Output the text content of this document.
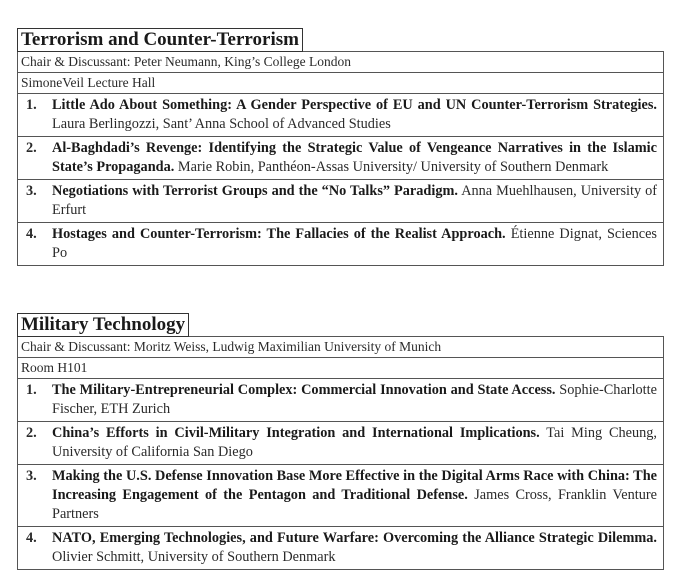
Terrorism and Counter-Terrorism
Chair & Discussant: Peter Neumann, King’s College London
SimoneVeil Lecture Hall
1. Little Ado About Something: A Gender Perspective of EU and UN Counter-Terrorism Strategies. Laura Berlingozzi, Sant’ Anna School of Advanced Studies
2. Al-Baghdadi’s Revenge: Identifying the Strategic Value of Vengeance Narratives in the Islamic State’s Propaganda. Marie Robin, Panthéon-Assas University/ University of Southern Denmark
3. Negotiations with Terrorist Groups and the “No Talks” Paradigm. Anna Muehlhausen, University of Erfurt
4. Hostages and Counter-Terrorism: The Fallacies of the Realist Approach. Étienne Dignat, Sciences Po
Military Technology
Chair & Discussant: Moritz Weiss, Ludwig Maximilian University of Munich
Room H101
1. The Military-Entrepreneurial Complex: Commercial Innovation and State Access. Sophie-Charlotte Fischer, ETH Zurich
2. China’s Efforts in Civil-Military Integration and International Implications. Tai Ming Cheung, University of California San Diego
3. Making the U.S. Defense Innovation Base More Effective in the Digital Arms Race with China: The Increasing Engagement of the Pentagon and Traditional Defense. James Cross, Franklin Venture Partners
4. NATO, Emerging Technologies, and Future Warfare: Overcoming the Alliance Strategic Dilemma. Olivier Schmitt, University of Southern Denmark
